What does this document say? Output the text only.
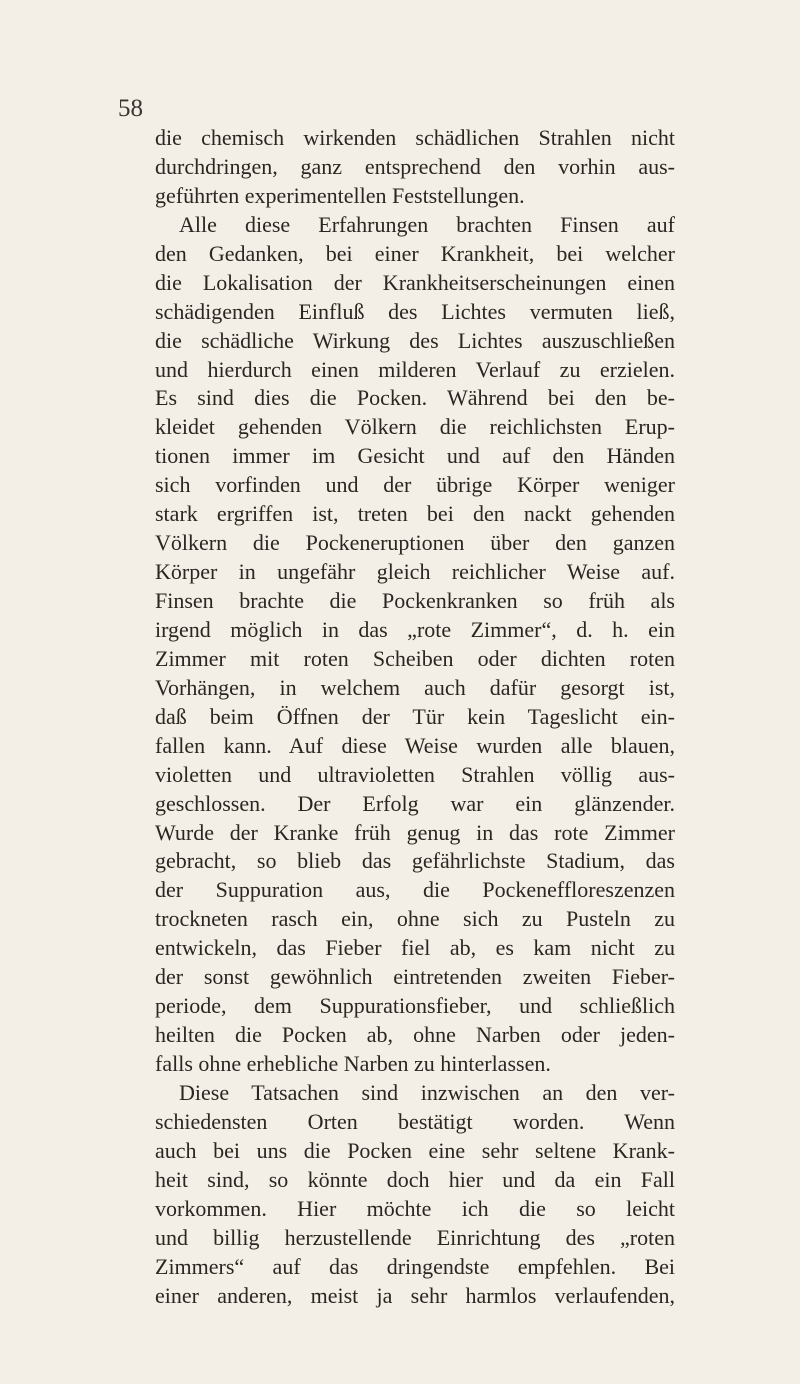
58
die chemisch wirkenden schädlichen Strahlen nicht
durchdringen, ganz entsprechend den vorhin aus-
geführten experimentellen Feststellungen.
Alle diese Erfahrungen brachten Finsen auf
den Gedanken, bei einer Krankheit, bei welcher
die Lokalisation der Krankheitserscheinungen einen
schädigenden Einfluß des Lichtes vermuten ließ,
die schädliche Wirkung des Lichtes auszuschließen
und hierdurch einen milderen Verlauf zu erzielen.
Es sind dies die Pocken. Während bei den be-
kleidet gehenden Völkern die reichlichsten Erup-
tionen immer im Gesicht und auf den Händen
sich vorfinden und der übrige Körper weniger
stark ergriffen ist, treten bei den nackt gehenden
Völkern die Pockeneruptionen über den ganzen
Körper in ungefähr gleich reichlicher Weise auf.
Finsen brachte die Pockenkranken so früh als
irgend möglich in das „rote Zimmer“, d. h. ein
Zimmer mit roten Scheiben oder dichten roten
Vorhängen, in welchem auch dafür gesorgt ist,
daß beim Öffnen der Tür kein Tageslicht ein-
fallen kann. Auf diese Weise wurden alle blauen,
violetten und ultravioletten Strahlen völlig aus-
geschlossen. Der Erfolg war ein glänzender.
Wurde der Kranke früh genug in das rote Zimmer
gebracht, so blieb das gefährlichste Stadium, das
der Suppuration aus, die Pockeneffloreszenzen
trockneten rasch ein, ohne sich zu Pusteln zu
entwickeln, das Fieber fiel ab, es kam nicht zu
der sonst gewöhnlich eintretenden zweiten Fieber-
periode, dem Suppurationsfieber, und schließlich
heilten die Pocken ab, ohne Narben oder jeden-
falls ohne erhebliche Narben zu hinterlassen.
Diese Tatsachen sind inzwischen an den ver-
schiedensten Orten bestätigt worden. Wenn
auch bei uns die Pocken eine sehr seltene Krank-
heit sind, so könnte doch hier und da ein Fall
vorkommen. Hier möchte ich die so leicht
und billig herzustellende Einrichtung des „roten
Zimmers“ auf das dringendste empfehlen. Bei
einer anderen, meist ja sehr harmlos verlaufenden,
